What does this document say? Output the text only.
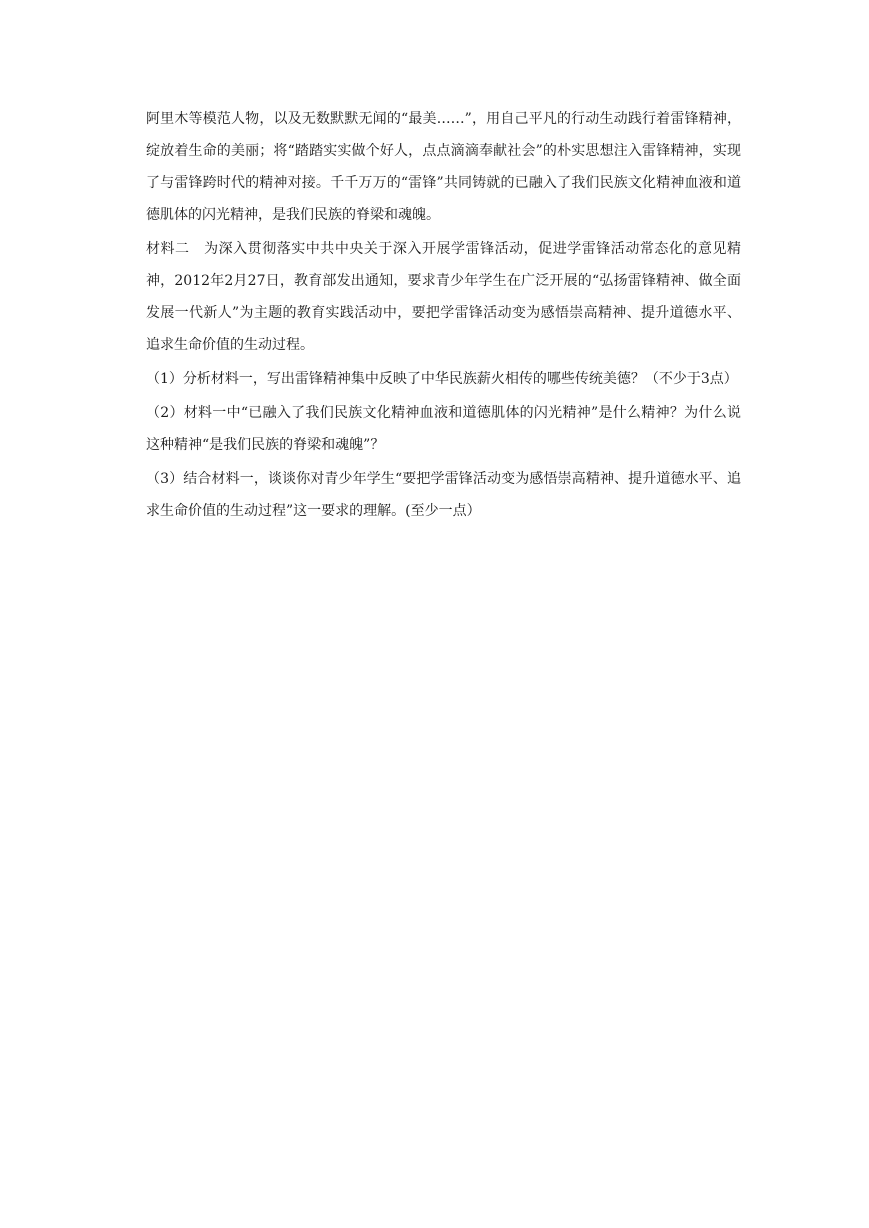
阿里木等模范人物，以及无数默默无闻的“最美……”，用自己平凡的行动生动践行着雷锋精神，绽放着生命的美丽；将“踏踏实实做个好人，点点滴滴奉献社会”的朴实思想注入雷锋精神，实现了与雷锋跨时代的精神对接。千千万万的“雷锋”共同铸就的已融入了我们民族文化精神血液和道德肌体的闪光精神，是我们民族的脊梁和魂魄。

材料二　为深入贯彻落实中共中央关于深入开展学雷锋活动，促进学雷锋活动常态化的意见精神，2012年2月27日，教育部发出通知，要求青少年学生在广泛开展的“弘扬雷锋精神、做全面发展一代新人”为主题的教育实践活动中，要把学雷锋活动变为感悟崇高精神、提升道德水平、追求生命价值的生动过程。

（1）分析材料一，写出雷锋精神集中反映了中华民族薪火相传的哪些传统美德？（不少于3点）

（2）材料一中“已融入了我们民族文化精神血液和道德肌体的闪光精神”是什么精神？为什么说这种精神“是我们民族的脊梁和魂魄”？

（3）结合材料一，谈谈你对青少年学生“要把学雷锋活动变为感悟崇高精神、提升道德水平、追求生命价值的生动过程”这一要求的理解。(至少一点）
